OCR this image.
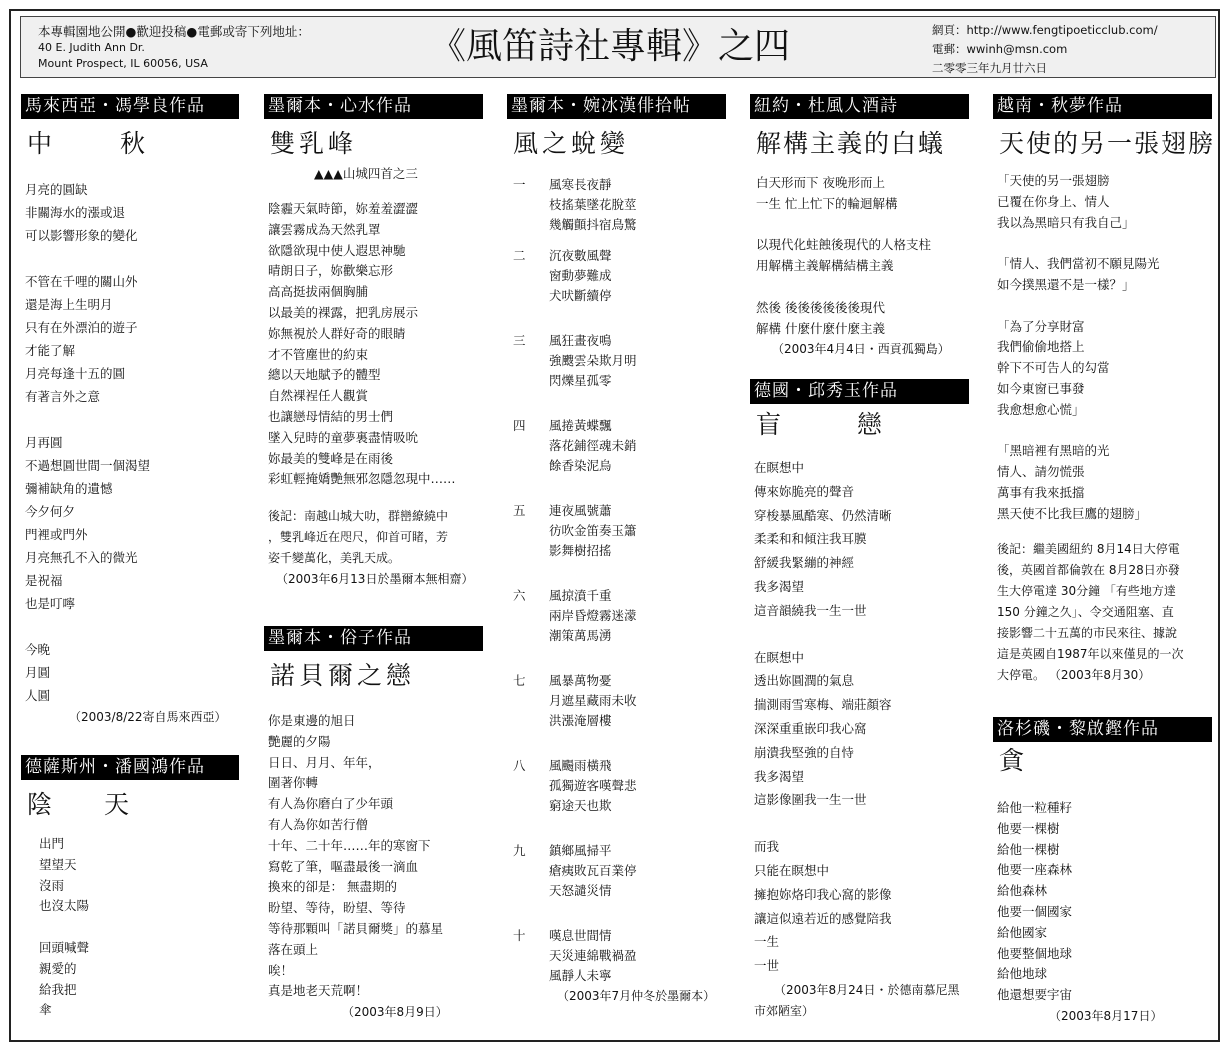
本專輯園地公開●歡迎投稿●電郵或寄下列地址：
40 E. Judith Ann Dr.
Mount Prospect, IL 60056, USA	《風笛詩社專輯》之四	網頁：http://www.fengtipoeticclub.com/
電郵：wwinh@msn.com
二零零三年九月廿六日
馬來西亞・馮學良作品
中 秋
月亮的圓缺
非關海水的漲或退
可以影響形象的變化
不管在千哩的關山外
還是海上生明月
只有在外漂泊的遊子
才能了解
月亮每逢十五的圓
有著言外之意
月再圓
不過想圓世間一個渴望
彌補缺角的遺憾
今夕何夕
門裡或門外
月亮無孔不入的微光
是祝福
也是叮嚀
今晚
月圓
人圓
（2003/8/22寄自馬來西亞）
德薩斯州・潘國鴻作品
陰 天
出門
望望天
沒雨
也沒太陽
回頭喊聲
親愛的
給我把
傘
墨爾本・心水作品
雙乳峰
▲▲▲山城四首之三
陰霾天氣時節，妳羞羞澀澀
讓雲霧成為天然乳罩
欲隱欲現中使人遐思神馳
晴朗日子，妳歡樂忘形
高高挺拔兩個胸脯
以最美的裸露，把乳房展示
妳無視於人群好奇的眼睛
才不管塵世的約束
總以天地賦予的體型
自然裸裎任人觀賞
也讓戀母情結的男士們
墜入兒時的童夢裏盡情吸吮
妳最美的雙峰是在雨後
彩虹輕掩嬌艷無邪忽隱忽現中……
後記：南越山城大叻，群巒繚繞中
，雙乳峰近在咫尺，仰首可睹，芳
姿千變萬化，美乳天成。
（2003年6月13日於墨爾本無相齋）
墨爾本・俗子作品
諾貝爾之戀
你是東邊的旭日
艷麗的夕陽
日日、月月、年年，
圍著你轉
有人為你磨白了少年頭
有人為你如苦行僧
十年、二十年……年的寒窗下
寫乾了筆，嘔盡最後一滴血
換來的卻是： 無盡期的
盼望、等待，盼望、等待
等待那顆叫「諾貝爾獎」的慕星
落在頭上
唉！
真是地老天荒啊！
（2003年8月9日）
墨爾本・婉冰漢俳拾帖
風之蛻變
一	風寒長夜靜
枝搖葉墜花脫莖
幾觸顫抖宿鳥驚
二	沉夜數風聲
窗動夢難成
犬吠斷續停
三	風狂畫夜鳴
強颼雲朵欺月明
閃爍星孤零
四	風捲黃蝶飄
落花鋪徑魂未銷
餘香染泥烏
五	連夜風號蕭
彷吹金笛奏玉簫
影舞樹招搖
六	風掠濆千重
兩岸昏燈霧迷濛
潮策萬馬湧
七	風暴萬物憂
月遮星藏雨未收
洪漲淹層樓
八	風颺雨橫飛
孤獨遊客嘆聲悲
窮途天也欺
九	鎮鄉風掃平
瘡痍敗瓦百業停
天怒譴災情
十	嘆息世間情
天災連綿戰禍盈
風靜人未寧
（2003年7月仲冬於墨爾本）
紐約・杜風人酒詩
解構主義的白蟻
白天形而下 夜晚形而上
一生 忙上忙下的輪迴解構
以現代化蛀蝕後現代的人格支柱
用解構主義解構結構主義
然後 後後後後後後現代
解構 什麼什麼什麼主義
（2003年4月4日・西貢孤獨島）
德國・邱秀玉作品
盲 戀
在瞑想中
傳來妳脆亮的聲音
穿梭暴風酷寒、仍然清晰
柔柔和和傾注我耳膜
舒緩我緊繃的神經
我多渴望
這音韻繞我一生一世
在瞑想中
透出妳圓潤的氣息
揣測雨雪寒梅、端莊顏容
深深重重嵌印我心窩
崩潰我堅強的自恃
我多渴望
這影像圍我一生一世
而我
只能在瞑想中
擁抱妳烙印我心窩的影像
讓這似遠若近的感覺陪我
一生
一世
（2003年8月24日・於德南慕尼黑
市郊陋室）
越南・秋夢作品
天使的另一張翅膀
「天使的另一張翅膀
已覆在你身上、情人
我以為黑暗只有我自己」
「情人、我們當初不願見陽光
如今撲黑還不是一樣？」
「為了分享財富
我們偷偷地搭上
幹下不可告人的勾當
如今東窗已事發
我愈想愈心慌」
「黑暗裡有黑暗的光
情人、請勿慌張
萬事有我來抵擋
黑天使不比我巨鷹的翅膀」
後記：繼美國紐約 8月14日大停電
後，英國首都倫敦在 8月28日亦發
生大停電達 30分鐘 「有些地方達
150 分鐘之久」、令交通阻塞、直
接影響二十五萬的市民來往、據說
這是英國自1987年以來僅見的一次
大停電。 （2003年8月30）
洛杉磯・黎啟鏗作品
貪
給他一粒種籽
他要一棵樹
給他一棵樹
他要一座森林
給他森林
他要一個國家
給他國家
他要整個地球
給他地球
他還想要宇宙
（2003年8月17日）
